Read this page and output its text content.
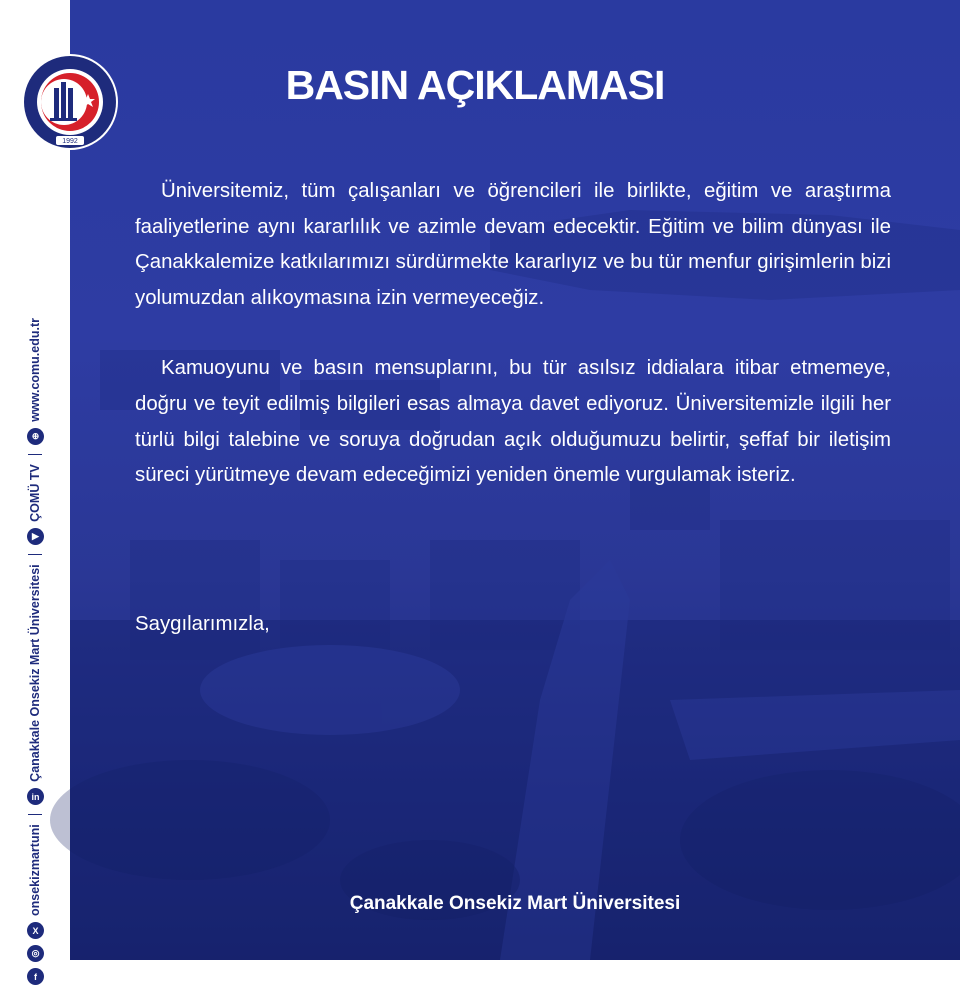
f
◎
X
onsekizmartuni
in
Çanakkale Onsekiz Mart Üniversitesi
▶
ÇOMÜ TV
⊕
www.comu.edu.tr
1992
BASIN AÇIKLAMASI

Üniversitemiz, tüm çalışanları ve öğrencileri ile birlikte, eğitim ve araştırma faaliyetlerine aynı kararlılık ve azimle devam edecektir. Eğitim ve bilim dünyası ile Çanakkalemize katkılarımızı sürdürmekte kararlıyız ve bu tür menfur girişimlerin bizi yolumuzdan alıkoymasına izin vermeyeceğiz.

Kamuoyunu ve basın mensuplarını, bu tür asılsız iddialara itibar etmemeye, doğru ve teyit edilmiş bilgileri esas almaya davet ediyoruz. Üniversitemizle ilgili her türlü bilgi talebine ve soruya doğrudan açık olduğumuzu belirtir, şeffaf bir iletişim süreci yürütmeye devam edeceğimizi yeniden önemle vurgulamak isteriz.

Saygılarımızla,
Çanakkale Onsekiz Mart Üniversitesi
